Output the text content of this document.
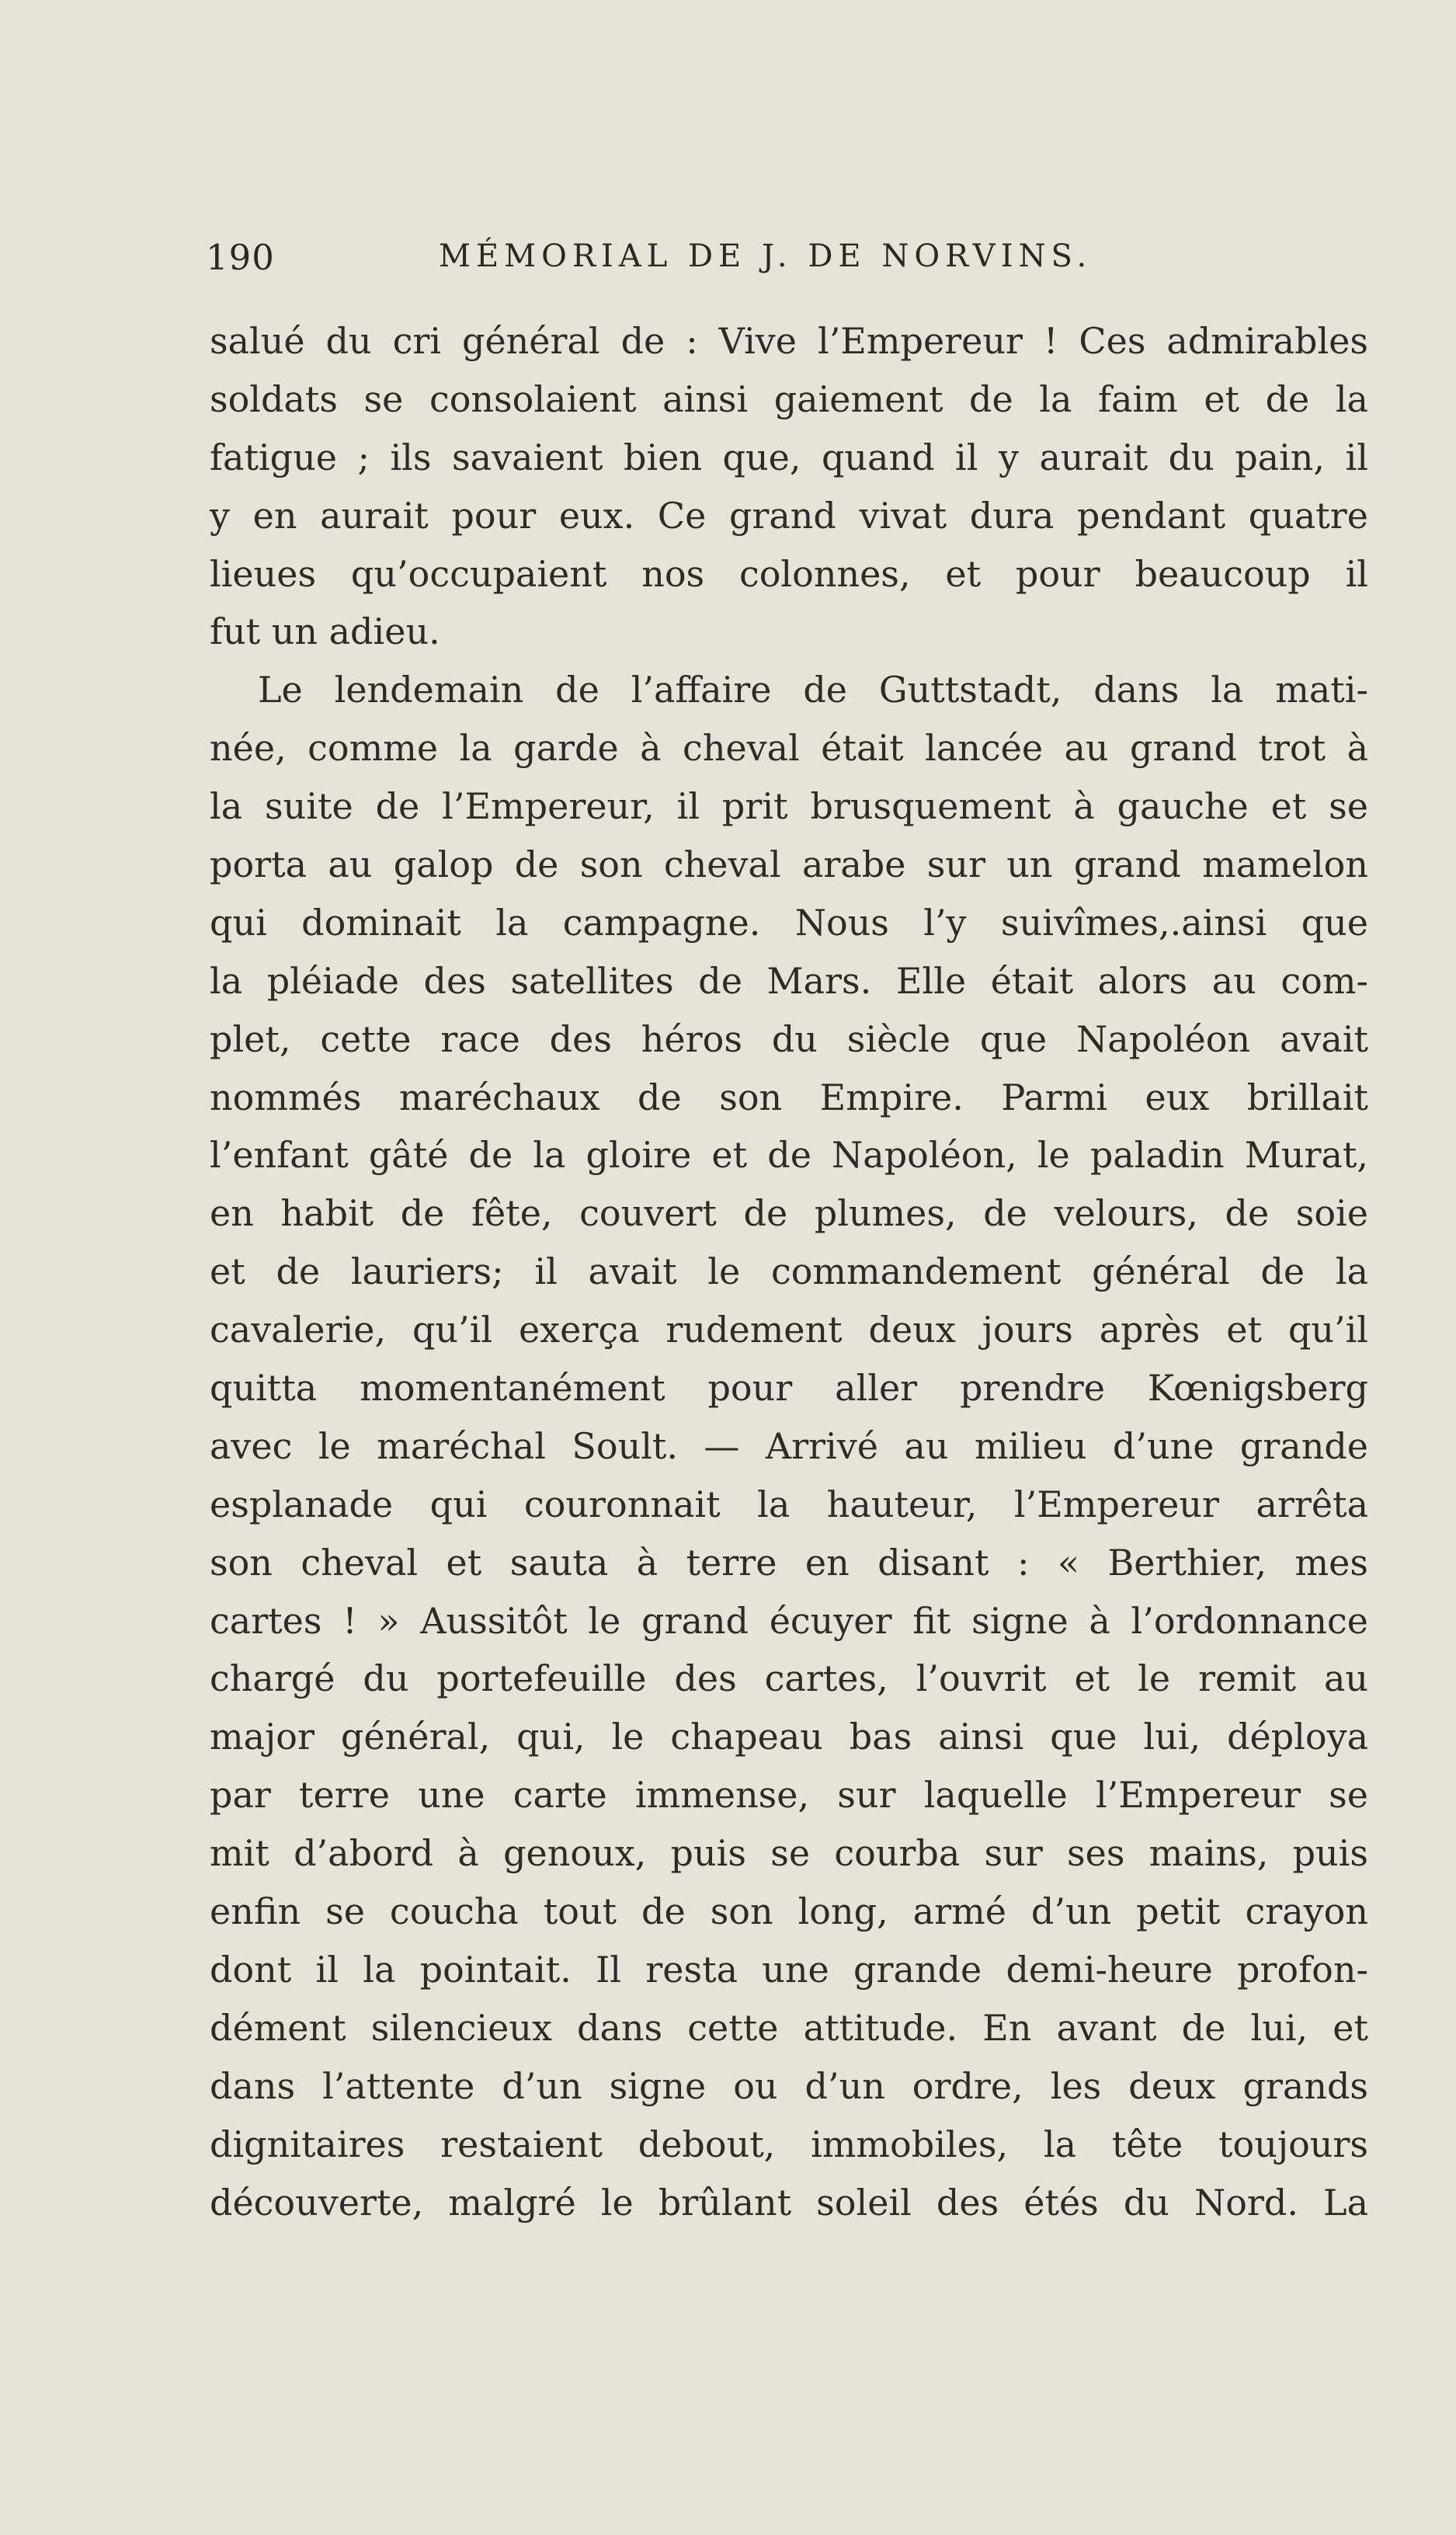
190	MÉMORIAL DE J. DE NORVINS.
salué du cri général de : Vive l’Empereur ! Ces admirables
soldats se consolaient ainsi gaiement de la faim et de la
fatigue ; ils savaient bien que, quand il y aurait du pain, il
y en aurait pour eux. Ce grand vivat dura pendant quatre
lieues qu’occupaient nos colonnes, et pour beaucoup il
fut un adieu.
Le lendemain de l’affaire de Guttstadt, dans la mati-
née, comme la garde à cheval était lancée au grand trot à
la suite de l’Empereur, il prit brusquement à gauche et se
porta au galop de son cheval arabe sur un grand mamelon
qui dominait la campagne. Nous l’y suivîmes,.ainsi que
la pléiade des satellites de Mars. Elle était alors au com-
plet, cette race des héros du siècle que Napoléon avait
nommés maréchaux de son Empire. Parmi eux brillait
l’enfant gâté de la gloire et de Napoléon, le paladin Murat,
en habit de fête, couvert de plumes, de velours, de soie
et de lauriers; il avait le commandement général de la
cavalerie, qu’il exerça rudement deux jours après et qu’il
quitta momentanément pour aller prendre Kœnigsberg
avec le maréchal Soult. — Arrivé au milieu d’une grande
esplanade qui couronnait la hauteur, l’Empereur arrêta
son cheval et sauta à terre en disant : « Berthier, mes
cartes ! » Aussitôt le grand écuyer fit signe à l’ordonnance
chargé du portefeuille des cartes, l’ouvrit et le remit au
major général, qui, le chapeau bas ainsi que lui, déploya
par terre une carte immense, sur laquelle l’Empereur se
mit d’abord à genoux, puis se courba sur ses mains, puis
enfin se coucha tout de son long, armé d’un petit crayon
dont il la pointait. Il resta une grande demi-heure profon-
dément silencieux dans cette attitude. En avant de lui, et
dans l’attente d’un signe ou d’un ordre, les deux grands
dignitaires restaient debout, immobiles, la tête toujours
découverte, malgré le brûlant soleil des étés du Nord. La
